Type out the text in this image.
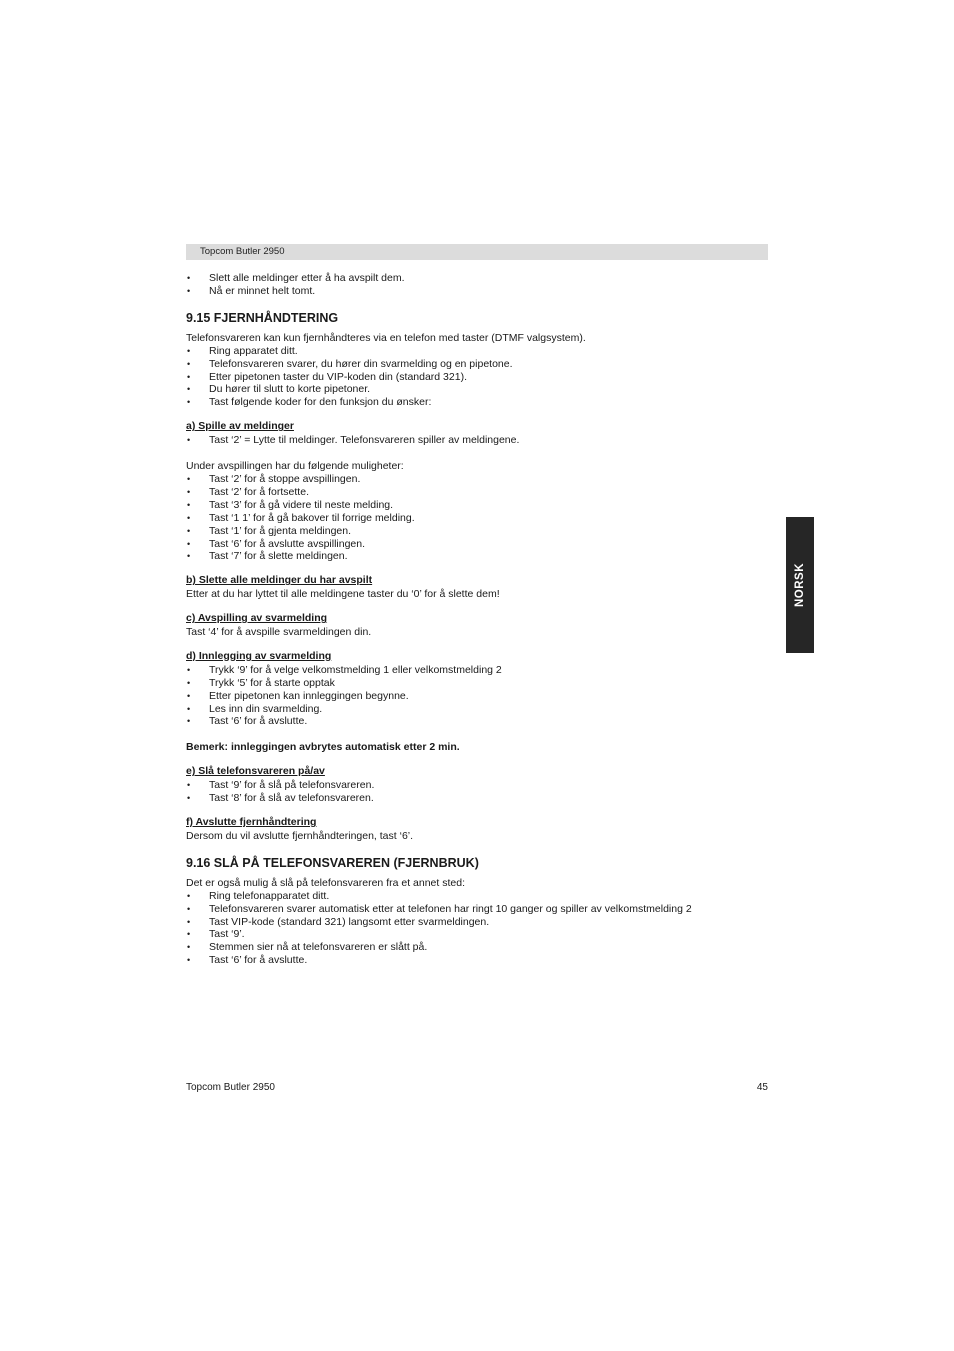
Topcom Butler 2950
NORSK
• Slett alle meldinger etter å ha avspilt dem.
• Nå er minnet helt tomt.
9.15 FJERNHÅNDTERING

Telefonsvareren kan kun fjernhåndteres via en telefon med taster (DTMF valgsystem).

• Ring apparatet ditt.
• Telefonsvareren svarer, du hører din svarmelding og en pipetone.
• Etter pipetonen taster du VIP-koden din (standard 321).
• Du hører til slutt to korte pipetoner.
• Tast følgende koder for den funksjon du ønsker:
a) Spille av meldinger
• Tast ‘2’ = Lytte til meldinger. Telefonsvareren spiller av meldingene.

Under avspillingen har du følgende muligheter:

• Tast ‘2’ for å stoppe avspillingen.
• Tast ‘2’ for å fortsette.
• Tast ‘3’ for å gå videre til neste melding.
• Tast ‘1 1’ for å gå bakover til forrige melding.
• Tast ‘1’ for å gjenta meldingen.
• Tast ‘6’ for å avslutte avspillingen.
• Tast ‘7’ for å slette meldingen.
b) Slette alle meldinger du har avspilt

Etter at du har lyttet til alle meldingene taster du ‘0’ for å slette dem!

c) Avspilling av svarmelding

Tast ‘4’ for å avspille svarmeldingen din.

d) Innlegging av svarmelding
• Trykk ‘9’ for å velge velkomstmelding 1 eller velkomstmelding 2
• Trykk ‘5’ for å starte opptak
• Etter pipetonen kan innleggingen begynne.
• Les inn din svarmelding.
• Tast ‘6’ for å avslutte.

Bemerk: innleggingen avbrytes automatisk etter 2 min.

e) Slå telefonsvareren på/av
• Tast ‘9’ for å slå på telefonsvareren.
• Tast ‘8’ for å slå av telefonsvareren.
f) Avslutte fjernhåndtering

Dersom du vil avslutte fjernhåndteringen, tast ‘6’.

9.16 SLÅ PÅ TELEFONSVAREREN (FJERNBRUK)

Det er også mulig å slå på telefonsvareren fra et annet sted:

• Ring telefonapparatet ditt.
• Telefonsvareren svarer automatisk etter at telefonen har ringt 10 ganger og spiller av velkomstmelding 2
• Tast VIP-kode (standard 321) langsomt etter svarmeldingen.
• Tast ‘9’.
• Stemmen sier nå at telefonsvareren er slått på.
• Tast ‘6’ for å avslutte.
Topcom Butler 2950	45
